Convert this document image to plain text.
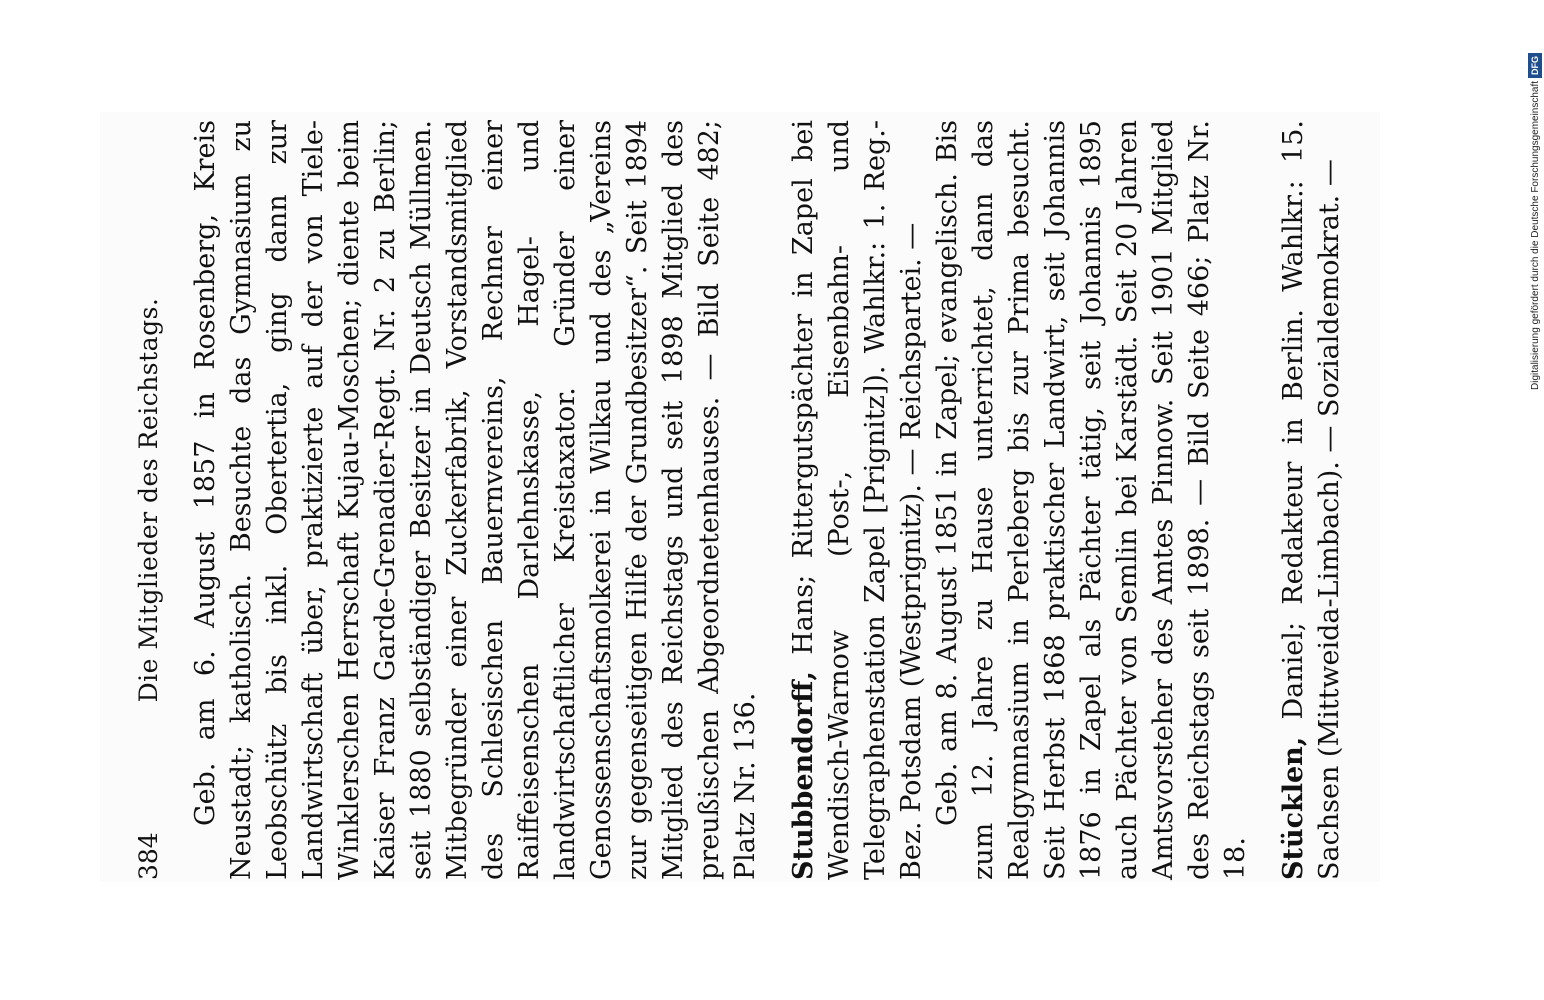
384
Die Mitglieder des Reichstags. Geb. am 6. August 1857 in Rosenberg, Kreis Neustadt; katholisch. Besuchte das Gymnasium zu Leobschütz bis inkl. Obertertia, ging dann zur Landwirtschaft über, praktizierte auf der von Tiele-Winklerschen Herrschaft Kujau-Moschen; diente beim Kaiser Franz Garde-Grenadier-Regt. Nr. 2 zu Berlin; seit 1880 selbständiger Besitzer in Deutsch Müllmen. Mitbegründer einer Zuckerfabrik, Vorstandsmitglied des Schlesischen Bauernvereins, Rechner einer Raiffeisenschen Darlehnskasse, Hagel- und landwirtschaftlicher Kreistaxator. Gründer einer Genossenschaftsmolkerei in Wilkau und des „Vereins zur gegenseitigen Hilfe der Grundbesitzer“. Seit 1894 Mitglied des Reichstags und seit 1898 Mitglied des preußischen Abgeordnetenhauses. — Bild Seite 482; Platz Nr. 136. Stubbendorff, Hans; Rittergutspächter in Zapel bei Wendisch-Warnow (Post-, Eisenbahn- und Telegraphenstation Zapel [Prignitz]). Wahlkr.: 1. Reg.-Bez. Potsdam (Westprignitz). — Reichspartei. — Geb. am 8. August 1851 in Zapel; evangelisch. Bis zum 12. Jahre zu Hause unterrichtet, dann das Realgymnasium in Perleberg bis zur Prima besucht. Seit Herbst 1868 praktischer Landwirt, seit Johannis 1876 in Zapel als Pächter tätig, seit Johannis 1895 auch Pächter von Semlin bei Karstädt. Seit 20 Jahren Amtsvorsteher des Amtes Pinnow. Seit 1901 Mitglied des Reichstags seit 1898. — Bild Seite 466; Platz Nr. 18. Stücklen, Daniel; Redakteur in Berlin. Wahlkr.: 15. Sachsen (Mittweida-Limbach). — Sozialdemokrat. —	Digitalisierung gefördert durch die Deutsche Forschungsgemeinschaft
DFG
